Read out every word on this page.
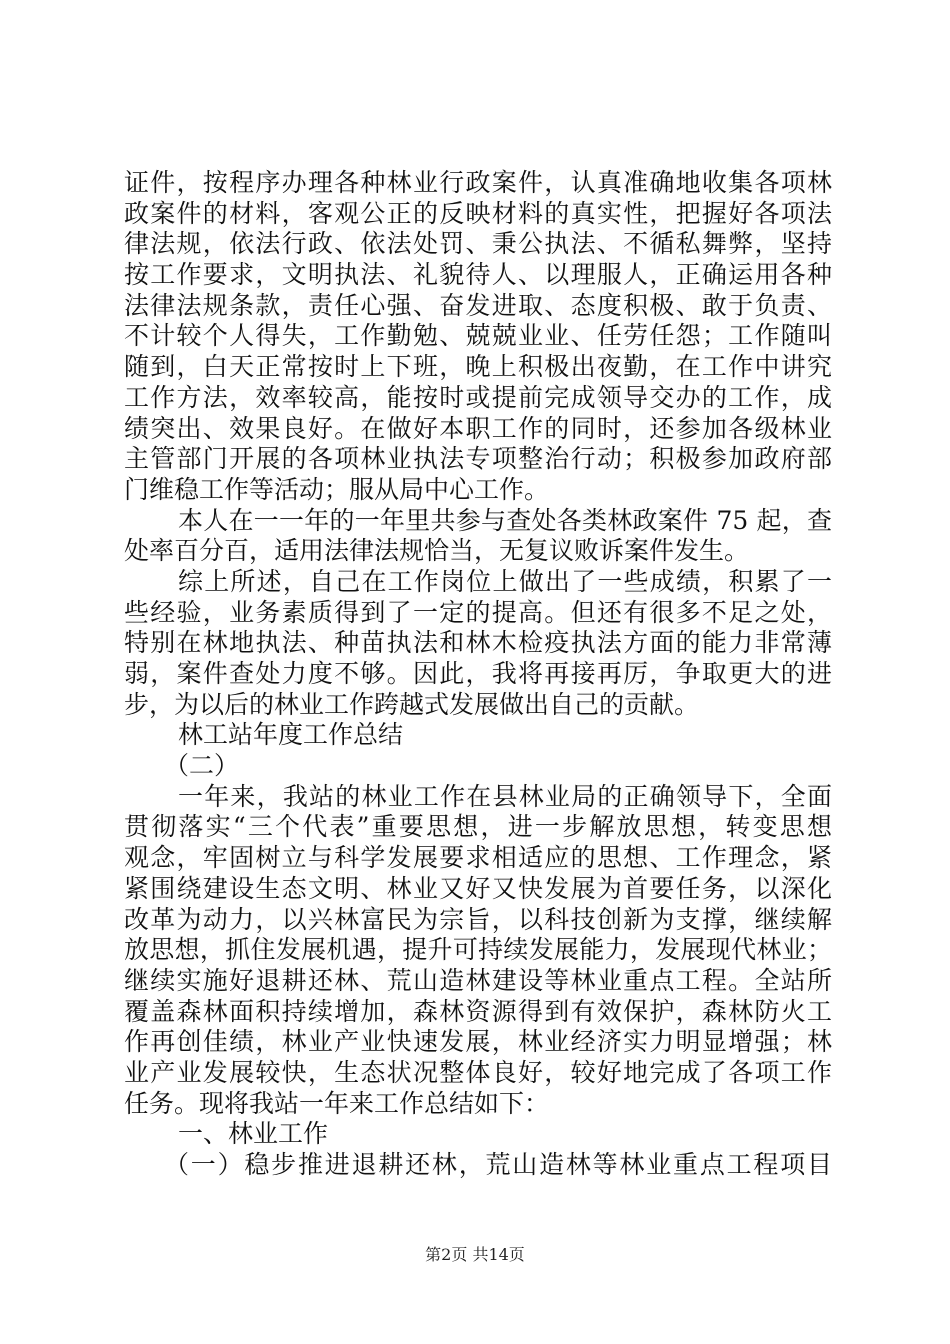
证件，按程序办理各种林业行政案件，认真准确地收集各项林
政案件的材料，客观公正的反映材料的真实性，把握好各项法
律法规，依法行政、依法处罚、秉公执法、不循私舞弊，坚持
按工作要求，文明执法、礼貌待人、以理服人，正确运用各种
法律法规条款，责任心强、奋发进取、态度积极、敢于负责、
不计较个人得失，工作勤勉、兢兢业业、任劳任怨；工作随叫
随到，白天正常按时上下班，晚上积极出夜勤，在工作中讲究
工作方法，效率较高，能按时或提前完成领导交办的工作，成
绩突出、效果良好。在做好本职工作的同时，还参加各级林业
主管部门开展的各项林业执法专项整治行动；积极参加政府部
门维稳工作等活动；服从局中心工作。
本人在一一年的一年里共参与查处各类林政案件 75 起，查
处率百分百，适用法律法规恰当，无复议败诉案件发生。
综上所述，自己在工作岗位上做出了一些成绩，积累了一
些经验，业务素质得到了一定的提高。但还有很多不足之处，
特别在林地执法、种苗执法和林木检疫执法方面的能力非常薄
弱，案件查处力度不够。因此，我将再接再厉，争取更大的进
步，为以后的林业工作跨越式发展做出自己的贡献。
林工站年度工作总结
（二）
一年来，我站的林业工作在县林业局的正确领导下，全面
贯彻落实“三个代表”重要思想，进一步解放思想，转变思想
观念，牢固树立与科学发展要求相适应的思想、工作理念，紧
紧围绕建设生态文明、林业又好又快发展为首要任务，以深化
改革为动力，以兴林富民为宗旨，以科技创新为支撑，继续解
放思想，抓住发展机遇，提升可持续发展能力，发展现代林业；
继续实施好退耕还林、荒山造林建设等林业重点工程。全站所
覆盖森林面积持续增加，森林资源得到有效保护，森林防火工
作再创佳绩，林业产业快速发展，林业经济实力明显增强；林
业产业发展较快，生态状况整体良好，较好地完成了各项工作
任务。现将我站一年来工作总结如下：
一、林业工作
（一）稳步推进退耕还林，荒山造林等林业重点工程项目
第2页 共14页
